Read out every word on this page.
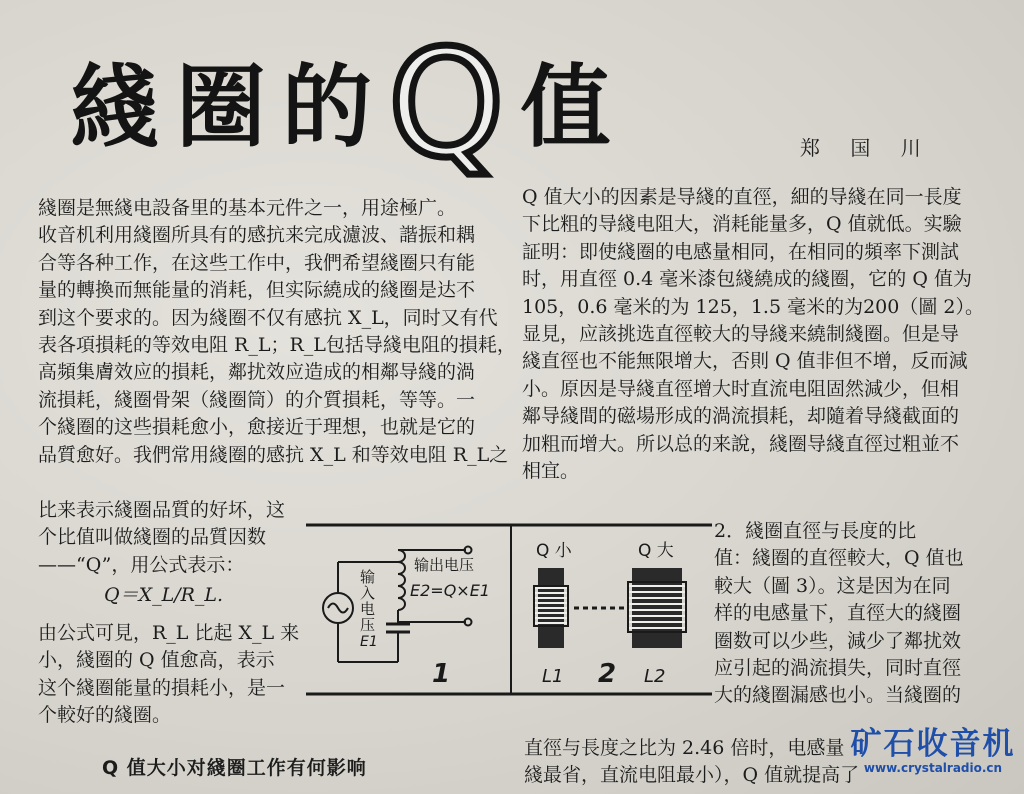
綫 圈 的 Q 值	郑 国 川
綫圈是無綫电設备里的基本元件之一，用途極广。
收音机利用綫圈所具有的感抗来完成濾波、諧振和耦
合等各种工作，在这些工作中，我們希望綫圈只有能
量的轉換而無能量的消耗，但实际繞成的綫圈是达不
到这个要求的。因为綫圈不仅有感抗 X_L，同时又有代
表各項損耗的等效电阻 R_L；R_L包括导綫电阻的損耗，
高頻集膚效应的損耗，鄰扰效应造成的相鄰导綫的渦
流損耗，綫圈骨架（綫圈筒）的介質損耗，等等。一
个綫圈的这些損耗愈小，愈接近于理想，也就是它的
品質愈好。我們常用綫圈的感抗 X_L 和等效电阻 R_L之
比来表示綫圈品質的好坏，这
个比值叫做綫圈的品質因数
——“Q”，用公式表示：
Q＝X_L/R_L.
由公式可見，R_L 比起 X_L 来
小，綫圈的 Q 值愈高，表示
这个綫圈能量的損耗小，是一
个較好的綫圈。
Q 值大小对綫圈工作有何影响
Q 值大小的因素是导綫的直徑，細的导綫在同一長度
下比粗的导綫电阻大，消耗能量多，Q 值就低。实驗
証明：即使綫圈的电感量相同，在相同的頻率下測試
时，用直徑 0.4 毫米漆包綫繞成的綫圈，它的 Q 值为
105，0.6 毫米的为 125，1.5 毫米的为200（圖 2）。
显見，应該挑选直徑較大的导綫来繞制綫圈。但是导
綫直徑也不能無限增大，否則 Q 值非但不增，反而減
小。原因是导綫直徑增大时直流电阻固然減少，但相
鄰导綫間的磁場形成的渦流損耗，却隨着导綫截面的
加粗而增大。所以总的来說，綫圈导綫直徑过粗並不
相宜。
2．綫圈直徑与長度的比
值：綫圈的直徑較大，Q 值也
較大（圖 3）。这是因为在同
样的电感量下，直徑大的綫圈
圈数可以少些，減少了鄰扰效
应引起的渦流損失，同时直徑
大的綫圈漏感也小。当綫圈的
直徑与長度之比为 2.46 倍时，电感量
綫最省，直流电阻最小），Q 值就提高了
输
入
电
压
E1
输出电压
E2=Q×E1
1
Q 小	Q 大
L1 2 L2
矿石收音机
www.crystalradio.cn
